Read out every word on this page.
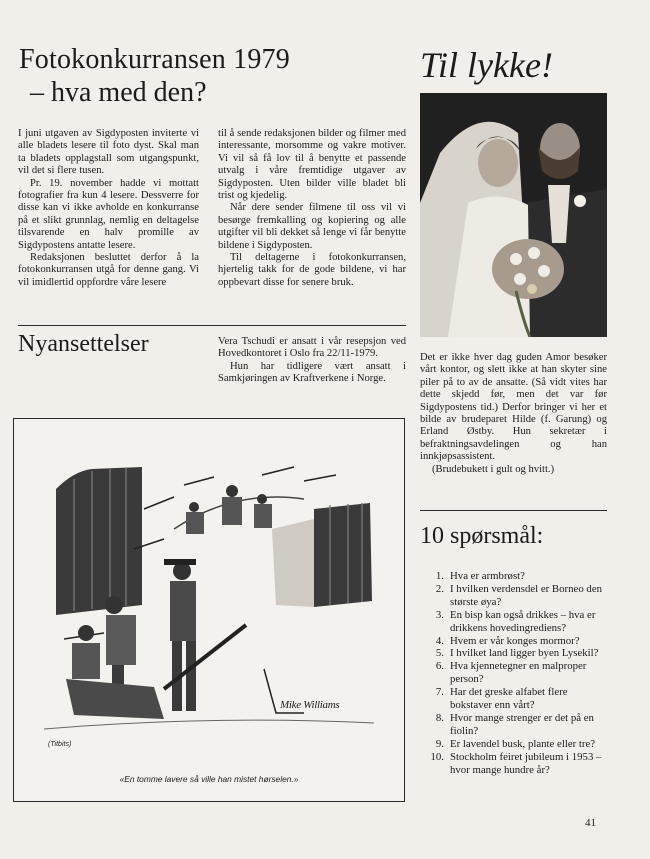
Fotokonkurransen 1979
– hva med den?

I juni utgaven av Sigdyposten inviterte vi alle bladets lesere til foto dyst. Skal man ta bladets opplagstall som utgangspunkt, vil det si flere tusen.

Pr. 19. november hadde vi mottatt fotografier fra kun 4 lesere. Dessverre for disse kan vi ikke avholde en konkurranse på et slikt grunnlag, nemlig en deltagelse tilsvarende en halv promille av Sigdypostens antatte lesere.

Redaksjonen besluttet derfor å la fotokonkurransen utgå for denne gang. Vi vil imidlertid oppfordre våre lesere

til å sende redaksjonen bilder og filmer med interessante, morsomme og vakre motiver. Vi vil så få lov til å benytte et passende utvalg i våre fremtidige utgaver av Sigdyposten. Uten bilder ville bladet bli trist og kjedelig.

Når dere sender filmene til oss vil vi besørge fremkalling og kopiering og alle utgifter vil bli dekket så lenge vi får benytte bildene i Sigdyposten.

Til deltagerne i fotokonkurransen, hjertelig takk for de gode bildene, vi har oppbevart disse for senere bruk.

Nyansettelser	Vera Tschudi er ansatt i vår resepsjon ved Hovedkontoret i Oslo fra 22/11-1979.

Hun har tidligere vært ansatt i Samkjøringen av Kraftverkene i Norge.

Mike Williams
(Titbits)
«En tomme lavere så ville han mistet hørselen.»
Til lykke!

Det er ikke hver dag guden Amor besøker vårt kontor, og slett ikke at han skyter sine piler på to av de ansatte. (Så vidt vites har dette skjedd før, men det var før Sigdypostens tid.) Derfor bringer vi her et bilde av brudeparet Hilde (f. Garung) og Erland Østby. Hun sekretær i befraktningsavdelingen og han innkjøpsassistent.

(Brudebukett i gult og hvitt.)

10 spørsmål:
1. Hva er armbrøst?
2. I hvilken verdensdel er Borneo den største øya?
3. En bisp kan også drikkes – hva er drikkens hovedingrediens?
4. Hvem er vår konges mormor?
5. I hvilket land ligger byen Lysekil?
6. Hva kjennetegner en malproper person?
7. Har det greske alfabet flere bokstaver enn vårt?
8. Hvor mange strenger er det på en fiolin?
9. Er lavendel busk, plante eller tre?
10. Stockholm feiret jubileum i 1953 – hvor mange hundre år?
41
